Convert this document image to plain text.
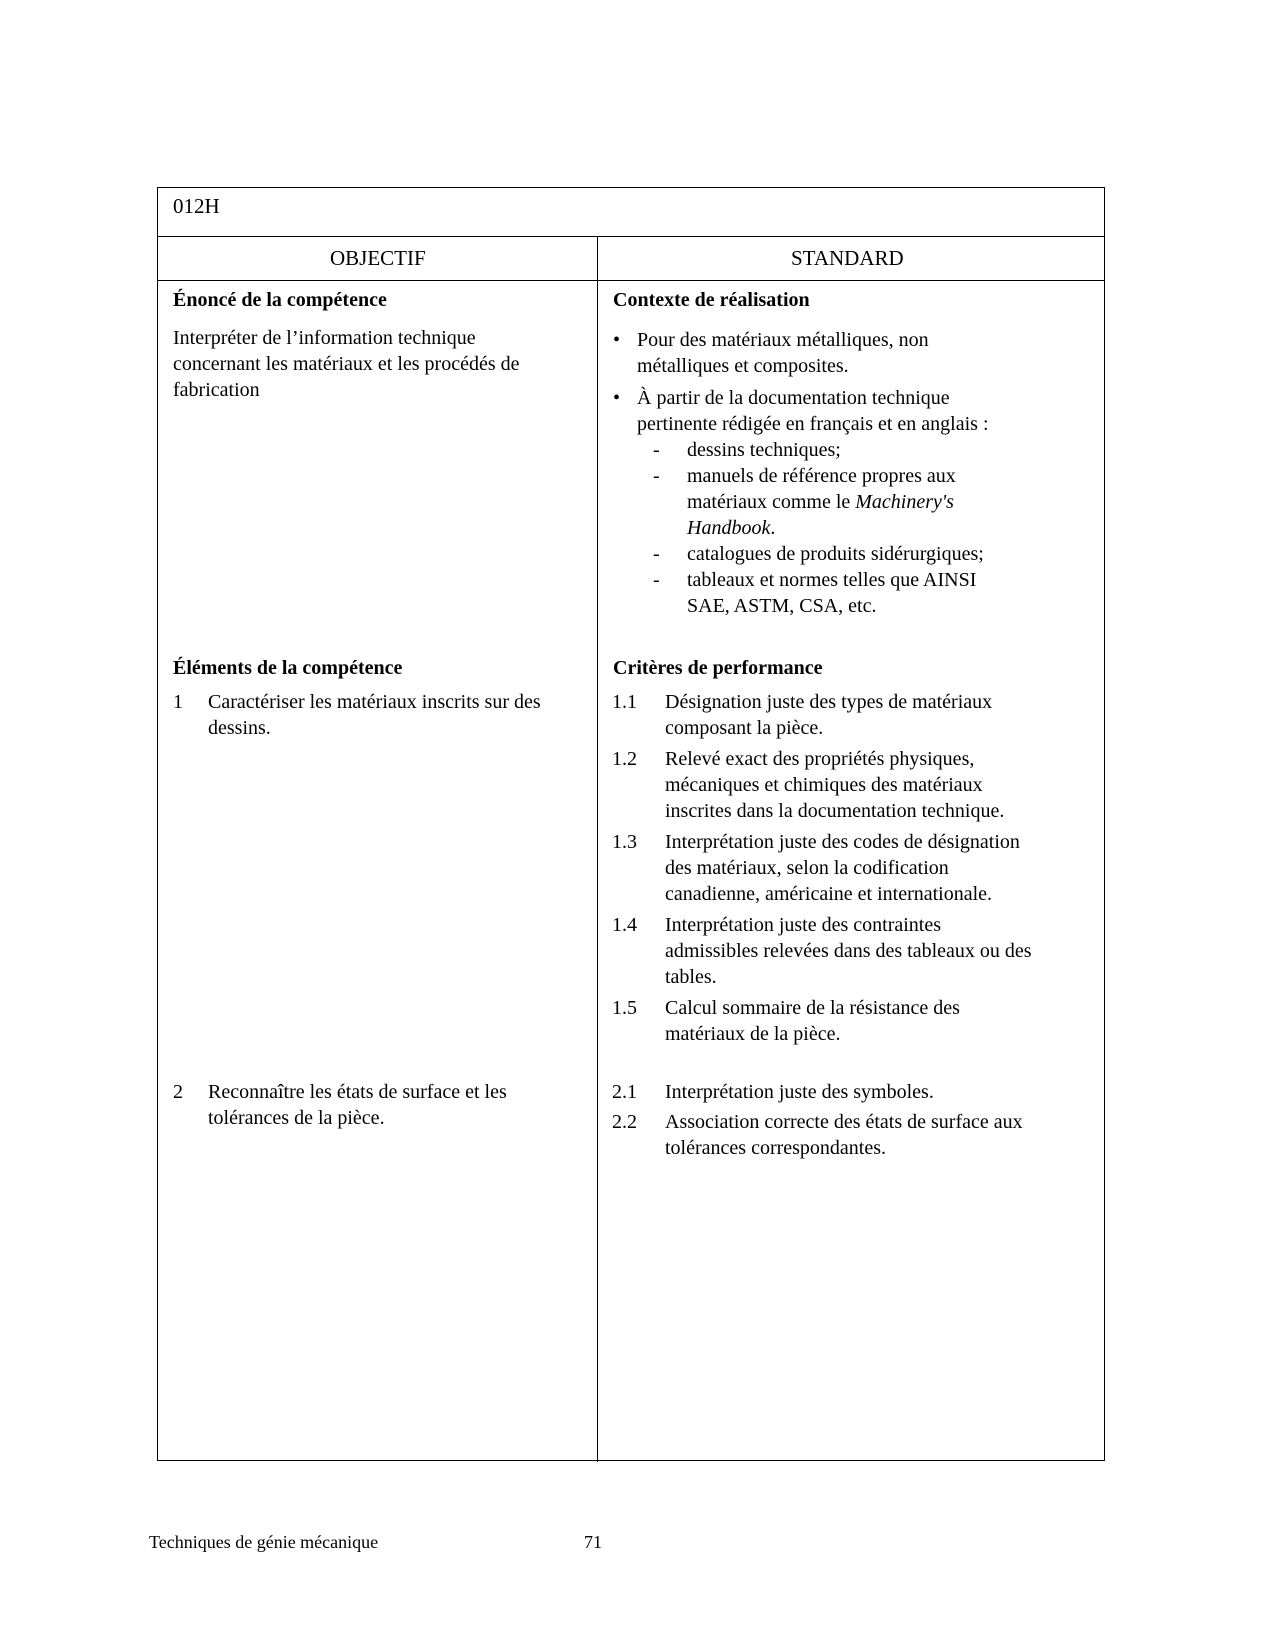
012H
OBJECTIF	STANDARD
Énoncé de la compétence
Interpréter de l’information technique
concernant les matériaux et les procédés de
fabrication
Éléments de la compétence
1 Caractériser les matériaux inscrits sur des
dessins.
2 Reconnaître les états de surface et les
tolérances de la pièce.
Contexte de réalisation
• Pour des matériaux métalliques, non
métalliques et composites.
• À partir de la documentation technique
pertinente rédigée en français et en anglais :
- dessins techniques;
- manuels de référence propres aux
matériaux comme le Machinery's
Handbook.
- catalogues de produits sidérurgiques;
- tableaux et normes telles que AINSI
SAE, ASTM, CSA, etc.
Critères de performance
1.1 Désignation juste des types de matériaux
composant la pièce.
1.2 Relevé exact des propriétés physiques,
mécaniques et chimiques des matériaux
inscrites dans la documentation technique.
1.3 Interprétation juste des codes de désignation
des matériaux, selon la codification
canadienne, américaine et internationale.
1.4 Interprétation juste des contraintes
admissibles relevées dans des tableaux ou des
tables.
1.5 Calcul sommaire de la résistance des
matériaux de la pièce.
2.1 Interprétation juste des symboles.
2.2 Association correcte des états de surface aux
tolérances correspondantes.
Techniques de génie mécanique	71
